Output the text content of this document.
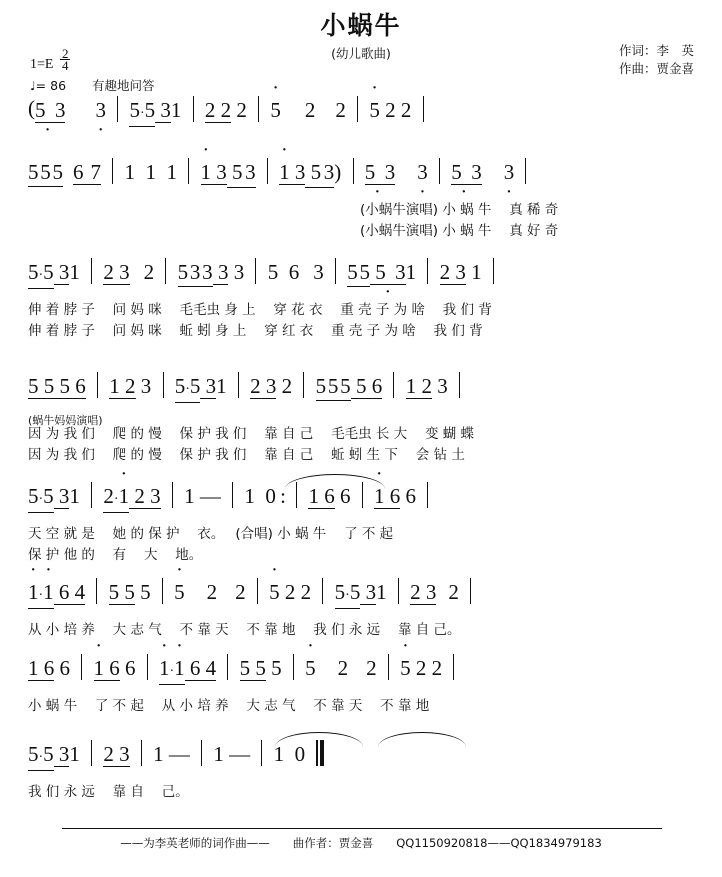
小蜗牛
(幼儿歌曲)	作词：李　英
作曲：贾金喜
$1=E \frac{2}{4}$
♩= 86 有趣地问答
(5  · 3 3 · 5·5 31 2 2 2 · 5 2 2 · 5 2 2
5 5 5 6  7 1  1  1 · 1 3 5  3 · 1 3 5  3) 5  · 3 3 · 5  · 3 3 ·
(小蜗牛演唱) 小 蜗 牛　 真 稀 奇
(小蜗牛演唱) 小 蜗 牛　 真 好 奇
5·5 31 2 3 2 5 3 3 3 3 5  6 3 5 5 5  · 31 2 3 1
伸 着 脖 子　 问 妈 咪　 毛毛虫 身 上　 穿 花 衣　 重 壳 子 为 啥　 我 们 背
伸 着 脖 子　 问 妈 咪　 蚯 蚓 身 上　 穿 红 衣　 重 壳 子 为 啥　 我 们 背
5 5 5 6 1 2 3 5·5 31 2 3 2 5 5 5 5 6 1 2 3
(蜗牛妈妈演唱)
因 为 我 们　 爬 的 慢　 保 护 我 们　 靠 自 己　 毛毛虫 长 大　 变 蝴 蝶
因 为 我 们　 爬 的 慢　 保 护 我 们　 靠 自 己　 蚯 蚓 生 下　 会 钻 土
5·5 31 2·· 1 2 3 1 — 1  0 : 1 6 6 · 1 6 6
天 空 就 是　 她 的 保 护　 衣。　 (合唱) 小 蜗 牛　 了 不 起
保 护 他 的　 有　 大　 地。
· 1·· 1 6 4 5 5 5 · 5 2 2 · 5 2 2 5·5 31 2 3 2
从 小 培 养　 大 志 气　 不 靠 天　 不 靠 地　 我 们 永 远　 靠 自 己。
1 6 6 · 1 6 6 · 1·· 1 6 4 5 5 5 · 5 2 2 · 5 2 2
小 蜗 牛　 了 不 起　 从 小 培 养　 大 志 气　 不 靠 天　 不 靠 地
5·5 31 2 3 1 — 1 — 1  0
我 们 永 远　 靠 自　 己。
——为李英老师的词作曲——　　曲作者：贾金喜　　QQ1150920818——QQ1834979183
